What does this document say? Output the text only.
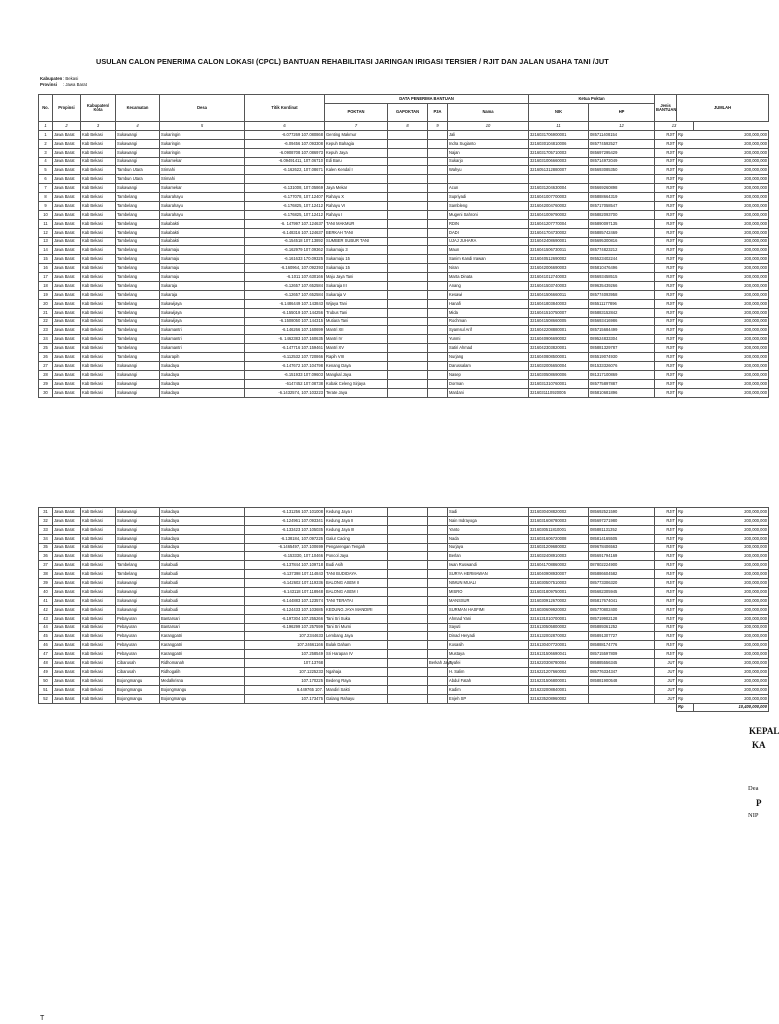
USULAN CALON PENERIMA CALON LOKASI (CPCL) BANTUAN REHABILITASI JARINGAN IRIGASI TERSIER / RJIT DAN JALAN USAHA TANI /JUT
Kabupaten: Bekasi
Provinsi : Jawa Barat
No.	Propinsi	Kabupaten/ Kota	Kecamatan	Desa	Titik Kordinat	DATA PENERIMA BANTUAN				Ketua Poktan		Jenis BANTUAN	JUMLAH	
						POKTAN	GAPOKTAN	P3A	Nama	NIK	HP			

1	2	3	4	5	6	7	8	9	10	11	12	13		
1	Jawa Barat	Kab Bekasi	Sukawangi	Sukaringin	-6.077269 107.080868	Genting Makmur			Jali	3216031706900001	085711408154	RJIT	Rp	200,000,000
2	Jawa Barat	Kab Bekasi	Sukawangi	Sukaringin	-6.09456 107.093308	Kepuh Bahagia			Indra Sugianto	3216030104810006	085774592527	RJIT	Rp	200,000,000
3	Jawa Barat	Kab Bekasi	Sukawangi	Sukaringin	-6.0908708 107.086973	Kepuh Jaya			Najan	3216031705710003	085697295429	RJIT	Rp	200,000,000
4	Jawa Barat	Kab Bekasi	Sukawangi	Sukamekar	-6.09491411, 107.06710	Edi Baru			Sukarjo	3216031006660003	085714972049	RJIT	Rp	200,000,000
5	Jawa Barat	Kab Bekasi	Tambun Utara	Srimahi	-6.162622, 107.08671	Kalen Kendal I			Wahyu	3216051312880007	085693085350	RJIT	Rp	200,000,000
6	Jawa Barat	Kab Bekasi	Tambun Utara	Srimahi								RJIT	Rp	200,000,000
7	Jawa Barat	Kab Bekasi	Sukawangi	Sukamekar	-6.131008, 107.05869	Jaya Mekar			Acun	3216031204630004	085669260898	RJIT	Rp	200,000,000
8	Jawa Barat	Kab Bekasi	Tambelang	Sukarahayu	-6.177078, 107.12407	Rahayu X			Supriyadi	3216041007700003	085888664319	RJIT	Rp	200,000,000
9	Jawa Barat	Kab Bekasi	Tambelang	Sukarahayu	-6.176825, 107.12412	Rahayu VI			Sambleng	3216042004760002	085717058547	RJIT	Rp	200,000,000
10	Jawa Barat	Kab Bekasi	Tambelang	Sukarahayu	-6.176825, 107.12412	Rahayu I			Mugeni Sahroni	3216041009790002	085882093700	RJIT	Rp	200,000,000
11	Jawa Barat	Kab Bekasi	Tambelang	Sukabakti	-6. 147997 107.124637	TANI MAKMUR			RDIN	3216041207770004	085890097135	RJIT	Rp	200,000,000
12	Jawa Barat	Kab Bekasi	Tambelang	Sukabakti	-6.148316 107.124637	BERKAH TANI			DADI	3216041704730002	085885742469	RJIT	Rp	200,000,000
13	Jawa Barat	Kab Bekasi	Tambelang	Sukabakti	-6.154518 107.13892	SUMBER SUBUR TANI			UJAJ JUHARA	3216042408690001	085695300816	RJIT	Rp	200,000,000
14	Jawa Barat	Kab Bekasi	Tambelang	Sukamaju	-6.162979 107.09362	Sukamaju 3			Maun	3216041506730011	085774823212	RJIT	Rp	200,000,000
15	Jawa Barat	Kab Bekasi	Tambelang	Sukamaju	-6.161633 170.09325	Sukamaju 15			Sanim Kandi Irawan	3216040512690002	085523402244	RJIT	Rp	200,000,000
16	Jawa Barat	Kab Bekasi	Tambelang	Sukamaju	-6.160964, 107.092393	Sukamaju 15			Niran	3216042006690003	085810476496	RJIT	Rp	200,000,000
17	Jawa Barat	Kab Bekasi	Tambelang	Sukamaju	-6.1011 107.630166	Maju Jaya Tani			Marta Dinata	3216041012740003	085693458515	RJIT	Rp	200,000,000
18	Jawa Barat	Kab Bekasi	Tambelang	Sukaraja	-6.12657 107.652584	Sukaraja III			Anang	3216041503740003	089635439266	RJIT	Rp	200,000,000
19	Jawa Barat	Kab Bekasi	Tambelang	Sukaraja	-6.12657 107.652584	Sukaraja V			Kesawi	3216041506660011	085774093958	RJIT	Rp	200,000,000
20	Jawa Barat	Kab Bekasi	Tambelang	Sukawijaya	-6.1486449 107.143843	Wijaya Tani			Hanafi	3216041803840003	085511177896	RJIT	Rp	200,000,000
21	Jawa Barat	Kab Bekasi	Tambelang	Sukawijaya	-6.155019 107.144256	Trubus Tani			Mida	3216041510750007	085883152842	RJIT	Rp	200,000,000
22	Jawa Barat	Kab Bekasi	Tambelang	Sukawijaya	-6.1508050 107.144315	Mutiara Tani			Rochman	3216041508660005	085693416986	RJIT	Rp	200,000,000
23	Jawa Barat	Kab Bekasi	Tambelang	Sukamantri	-6.146266 107.160699	Mantri XII			Syamsul Arif	3216042208880001	085715684499	RJIT	Rp	200,000,000
24	Jawa Barat	Kab Bekasi	Tambelang	Sukamantri	-6. 1462383 107.160635	Mantri IV			Yunmi	3216040906690002	089524833304	RJIT	Rp	200,000,000
25	Jawa Barat	Kab Bekasi	Tambelang	Sukamantri	-6.147716 107.159461	Mantri XV			Satiri Ahmad	3216042303820001	085881329787	RJIT	Rp	200,000,000
26	Jawa Barat	Kab Bekasi	Tambelang	Sukarapih	-6.112532 107.720866	Rapih VIII			Nurjang	3216040808500001	085519074930	RJIT	Rp	200,000,000
27	Jawa Barat	Kab Bekasi	Sukawangi	Sukadaya	-6.147672 107.104798	Kenang Daya			Darussalam	3216032005650004	081533326076	RJIT	Rp	200,000,000
28	Jawa Barat	Kab Bekasi	Sukawangi	Sukadaya	-6.151933 107.09603	Mangkal Jaya			Nasep	3216030508690006	081317100869	RJIT	Rp	200,000,000
29	Jawa Barat	Kab Bekasi	Sukawangi	Sukadaya	-6147452 107.08738	Kobak Celeng Sirjaya			Dorman	3216031310760001	085775897887	RJIT	Rp	200,000,000
30	Jawa Barat	Kab Bekasi	Sukawangi	Sukadaya	-6.1432574, 107.103223	Terate Jaya			Mardani	3216031110920005	085810681896	RJIT	Rp	200,000,000
31	Jawa Barat	Kab Bekasi	Sukawangi	Sukadaya	-6.131256 107.101008	Kedung Jaya I			Sadi	3216030408820002	085692521590	RJIT	Rp	200,000,000
32	Jawa Barat	Kab Bekasi	Sukawangi	Sukadaya	-6.124961 107.093341	Kedung Jaya II			Nain Indrayoga	3216031608780003	085697271980	RJIT	Rp	200,000,000
33	Jawa Barat	Kab Bekasi	Sukawangi	Sukadaya	-6.133423 107.105035	Kedung Jaya III			Yanto	3216030511810001	085881131352	RJIT	Rp	200,000,000
34	Jawa Barat	Kab Bekasi	Sukawangi	Sukadaya	-6.138184, 107.097225	Galur Cacing			Nada	3216031606720008	085814165505	RJIT	Rp	200,000,000
35	Jawa Barat	Kab Bekasi	Sukawangi	Sukadaya	-6.1465497, 107.100699	Pengarengan Tengah			Nurjaya	3216031209680002	089678406563	RJIT	Rp	200,000,000
36	Jawa Barat	Kab Bekasi	Sukawangi	Sukadaya	-6.153330, 107.10466	Poncol Jaya			Berlan	3216032408910003	085691794169	RJIT	Rp	200,000,000
37	Jawa Barat	Kab Bekasi	Tambelang	Sukabudi	-6.137844 107.109718	Budi Asih			Iwan Ruswandi	3216041708860002	087802224900	RJIT	Rp	200,000,000
38	Jawa Barat	Kab Bekasi	Tambelang	Sukabudi	-6.137398 107.114843	TANI BUDIDAYA			SURYA HERMAWAN	3216040908930007	085886604582	RJIT	Rp	200,000,000
39	Jawa Barat	Kab Bekasi	Sukawangi	Sukabudi	-6.142602 107.119336	BALONG ASEM II			NIMUN MUALI	3216030507510003	085773306320	RJIT	Rp	200,000,000
40	Jawa Barat	Kab Bekasi	Sukawangi	Sukabudi	-6.143118 107.118948	BALONG ASEM I			MISRO	3216031809750001	085682305945	RJIT	Rp	200,000,000
41	Jawa Barat	Kab Bekasi	Sukawangi	Sukabudi	-6.144883 107.123574	TANI TERATAI			MANSSUR	3216030912670002	085817674041	RJIT	Rp	200,000,000
42	Jawa Barat	Kab Bekasi	Sukawangi	Sukabudi	-6.124433 107.103685	KEDUNG JAYA MANDIRI			SURMAN HASFIMI	3216030609920002	085770802400	RJIT	Rp	200,000,000
43	Jawa Barat	Kab Bekasi	Pebayuran	Bantarsari	-6.197304 107.255266	Tani Sri Suka			Ahmad Yani	3216131010700001	085719902128	RJIT	Rp	200,000,000
44	Jawa Barat	Kab Bekasi	Pebayuran	Bantarsari	-6.196299 107.257599	Tani Sri Murni			Sayuti	3216130505800002	085889361252	RJIT	Rp	200,000,000
45	Jawa Barat	Kab Bekasi	Pebayuran	Karangpatri	107.2344633	Lembang Jaya			Dinad Heryadi	3216132002870002	085891307727	RJIT	Rp	200,000,000
46	Jawa Barat	Kab Bekasi	Pebayuran	Karangpatri	107.24661166	Bulak Daham			Kosasih	3216130407720001	085888174776	RJIT	Rp	200,000,000
47	Jawa Barat	Kab Bekasi	Pebayuran	Karangpatri	107.258549	Sri Harapan IV			Mustaya	3216131506690041	085715597809	RJIT	Rp	200,000,000
48	Jawa Barat	Kab Bekasi	Cibarusah	Ridhomanah	107.13768			Berkah Jaya	Syafei	3216220308780004	085885556345	JUT	Rp	200,000,000
49	Jawa Barat	Kab Bekasi	Cibarusah	Ridhogalih	107.1225233	Ngahaja			H. Salim	3216221207660002	085776334347	JUT	Rp	200,000,000
50	Jawa Barat	Kab Bekasi	Bojongmangu	Medalkrisna	107.170225	Bedeng Raya			Abdul Fatah	3216231506800001	085881900548	JUT	Rp	200,000,000
51	Jawa Barat	Kab Bekasi	Bojongmangu	Bojongmangu	6.449765 107.	Mandiri Sakti			Kadim	3216232008840001		JUT	Rp	200,000,000
52	Jawa Barat	Kab Bekasi	Bojongmangu	Bojongmangu	107.173475	Galang Rahayu			Enjeh SP	3216235208960002		JUT	Rp	200,000,000
													Rp	10,400,000,000
KEPAL
KA
Dea
P
NIP
T
